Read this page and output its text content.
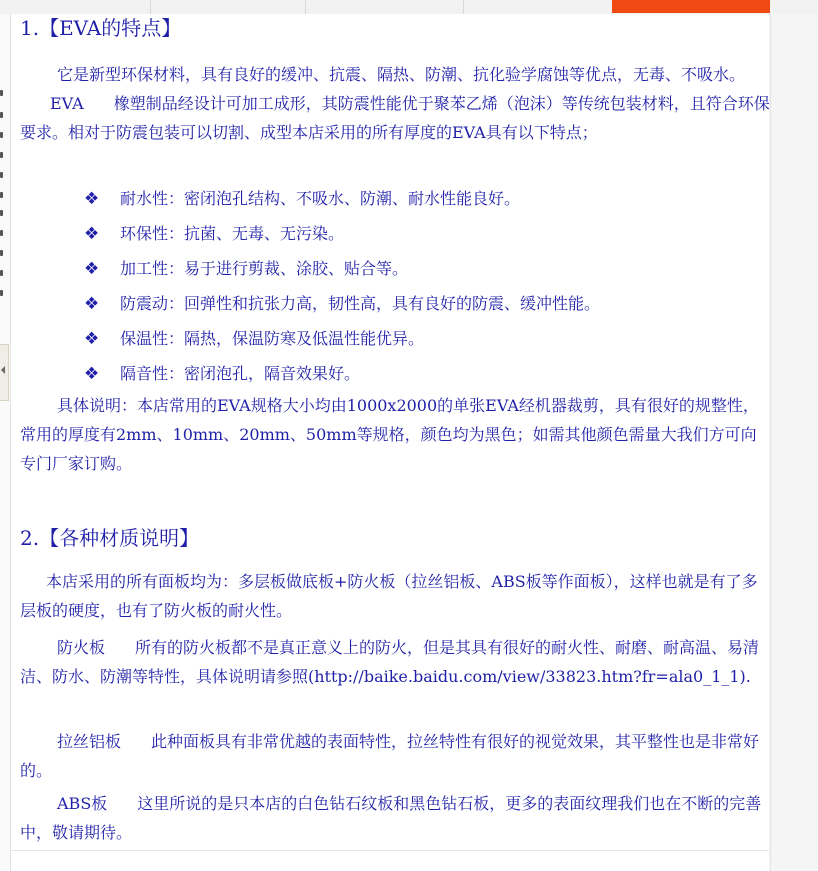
1.【EVA的特点】

它是新型环保材料，具有良好的缓冲、抗震、隔热、防潮、抗化验学腐蚀等优点，无毒、不吸水。EVA 橡塑制品经设计可加工成形，其防震性能优于聚苯乙烯（泡沫）等传统包装材料，且符合环保要求。相对于防震包装可以切割、成型本店采用的所有厚度的EVA具有以下特点；

❖ 耐水性：密闭泡孔结构、不吸水、防潮、耐水性能良好。
❖ 环保性：抗菌、无毒、无污染。
❖ 加工性：易于进行剪裁、涂胶、贴合等。
❖ 防震动：回弹性和抗张力高，韧性高，具有良好的防震、缓冲性能。
❖ 保温性：隔热，保温防寒及低温性能优异。
❖ 隔音性：密闭泡孔，隔音效果好。

具体说明：本店常用的EVA规格大小均由1000x2000的单张EVA经机器裁剪，具有很好的规整性，常用的厚度有2mm、10mm、20mm、50mm等规格，颜色均为黑色；如需其他颜色需量大我们方可向专门厂家订购。

2.【各种材质说明】

本店采用的所有面板均为：多层板做底板+防火板（拉丝铝板、ABS板等作面板），这样也就是有了多层板的硬度，也有了防火板的耐火性。

防火板 所有的防火板都不是真正意义上的防火，但是其具有很好的耐火性、耐磨、耐高温、易清洁、防水、防潮等特性，具体说明请参照(http://baike.baidu.com/view/33823.htm?fr=ala0_1_1).

拉丝铝板 此种面板具有非常优越的表面特性，拉丝特性有很好的视觉效果，其平整性也是非常好的。

ABS板 这里所说的是只本店的白色钻石纹板和黑色钻石板，更多的表面纹理我们也在不断的完善中，敬请期待。
